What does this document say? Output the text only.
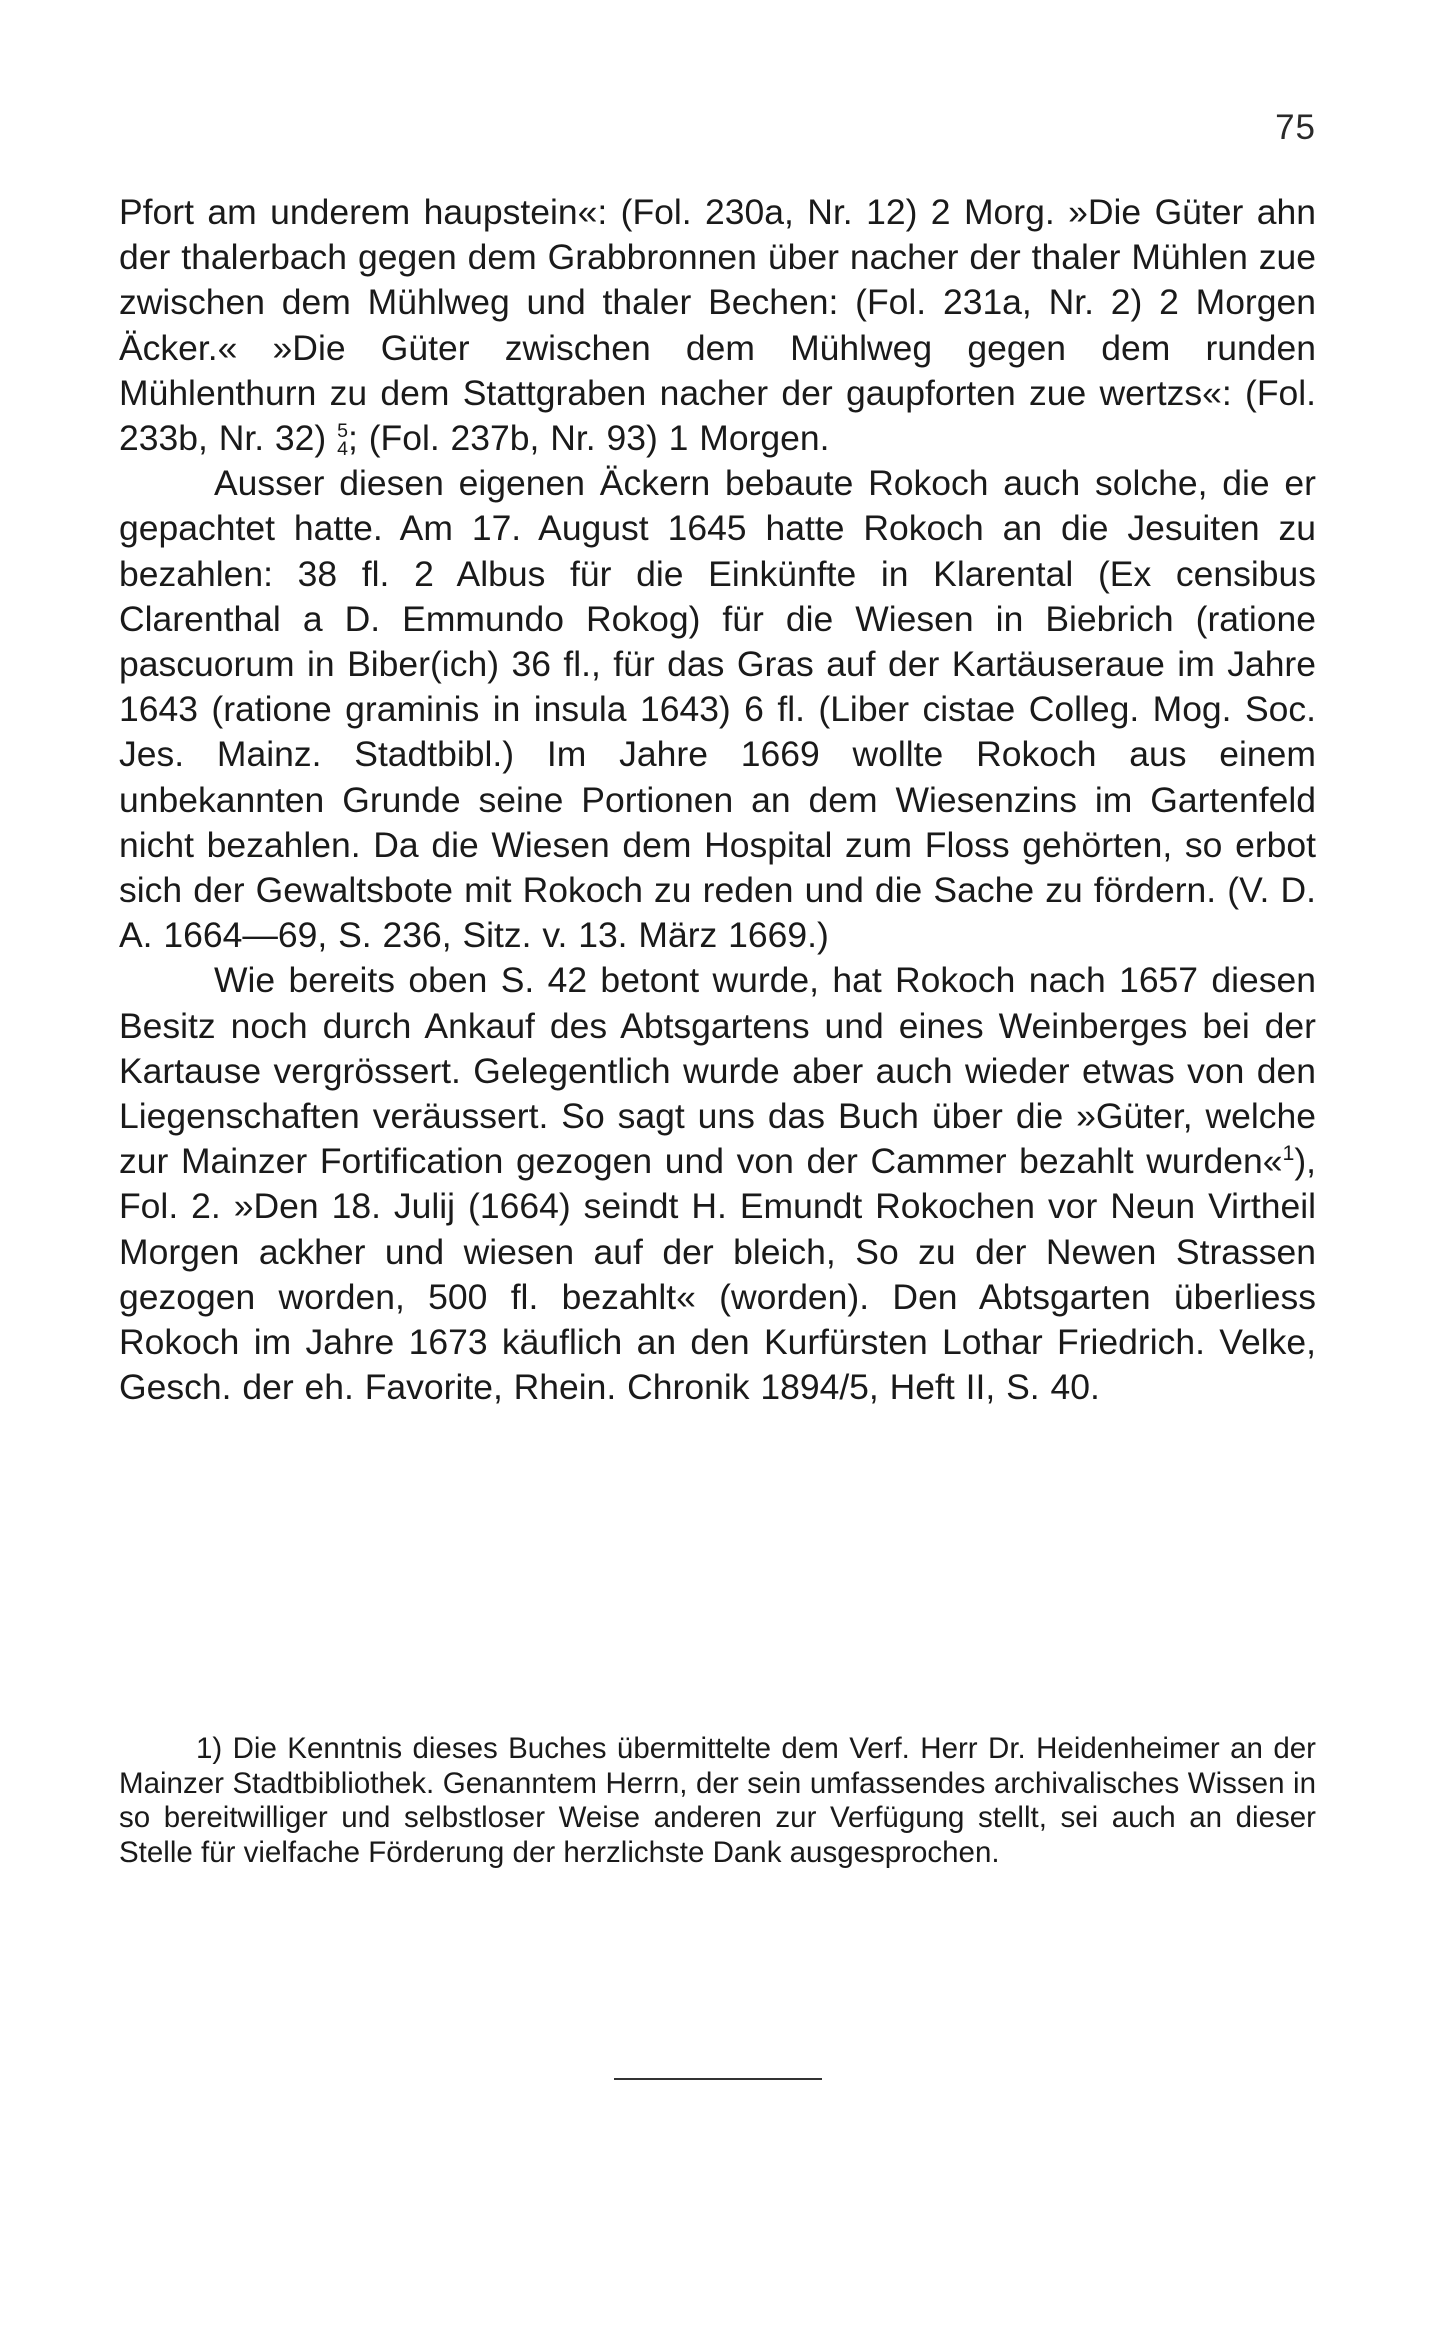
75

Pfort am underem haupstein«: (Fol. 230a, Nr. 12) 2 Morg. »Die Güter ahn der thalerbach gegen dem Grabbronnen über nacher der thaler Mühlen zue zwischen dem Mühlweg und thaler Bechen: (Fol. 231a, Nr. 2) 2 Morgen Äcker.« »Die Güter zwischen dem Mühlweg gegen dem runden Mühlenthurn zu dem Stattgraben nacher der gaupforten zue wertzs«: (Fol. 233b, Nr. 32) 5
4 ; (Fol. 237b, Nr. 93) 1 Morgen.

Ausser diesen eigenen Äckern bebaute Rokoch auch solche, die er gepachtet hatte. Am 17. August 1645 hatte Rokoch an die Jesuiten zu bezahlen: 38 fl. 2 Albus für die Einkünfte in Klarental (Ex censibus Clarenthal a D. Emmundo Rokog) für die Wiesen in Biebrich (ratione pascuorum in Biber(ich) 36 fl., für das Gras auf der Kartäuseraue im Jahre 1643 (ratione graminis in insula 1643) 6 fl. (Liber cistae Colleg. Mog. Soc. Jes. Mainz. Stadtbibl.) Im Jahre 1669 wollte Rokoch aus einem unbekannten Grunde seine Portionen an dem Wiesenzins im Gartenfeld nicht bezahlen. Da die Wiesen dem Hospital zum Floss gehörten, so erbot sich der Gewaltsbote mit Rokoch zu reden und die Sache zu fördern. (V. D. A. 1664—69, S. 236, Sitz. v. 13. März 1669.)

Wie bereits oben S. 42 betont wurde, hat Rokoch nach 1657 diesen Besitz noch durch Ankauf des Abtsgartens und eines Weinberges bei der Kartause vergrössert. Gelegentlich wurde aber auch wieder etwas von den Liegenschaften veräussert. So sagt uns das Buch über die »Güter, welche zur Mainzer Fortification gezogen und von der Cammer bezahlt wurden«$^1$), Fol. 2. »Den 18. Julij (1664) seindt H. Emundt Rokochen vor Neun Virtheil Morgen ackher und wiesen auf der bleich, So zu der Newen Strassen gezogen worden, 500 fl. bezahlt« (worden). Den Abtsgarten überliess Rokoch im Jahre 1673 käuflich an den Kurfürsten Lothar Friedrich. Velke, Gesch. der eh. Favorite, Rhein. Chronik 1894/5, Heft II, S. 40.

1) Die Kenntnis dieses Buches übermittelte dem Verf. Herr Dr. Heidenheimer an der Mainzer Stadtbibliothek. Genanntem Herrn, der sein umfassendes archivalisches Wissen in so bereitwilliger und selbstloser Weise anderen zur Verfügung stellt, sei auch an dieser Stelle für vielfache Förderung der herzlichste Dank ausgesprochen.
